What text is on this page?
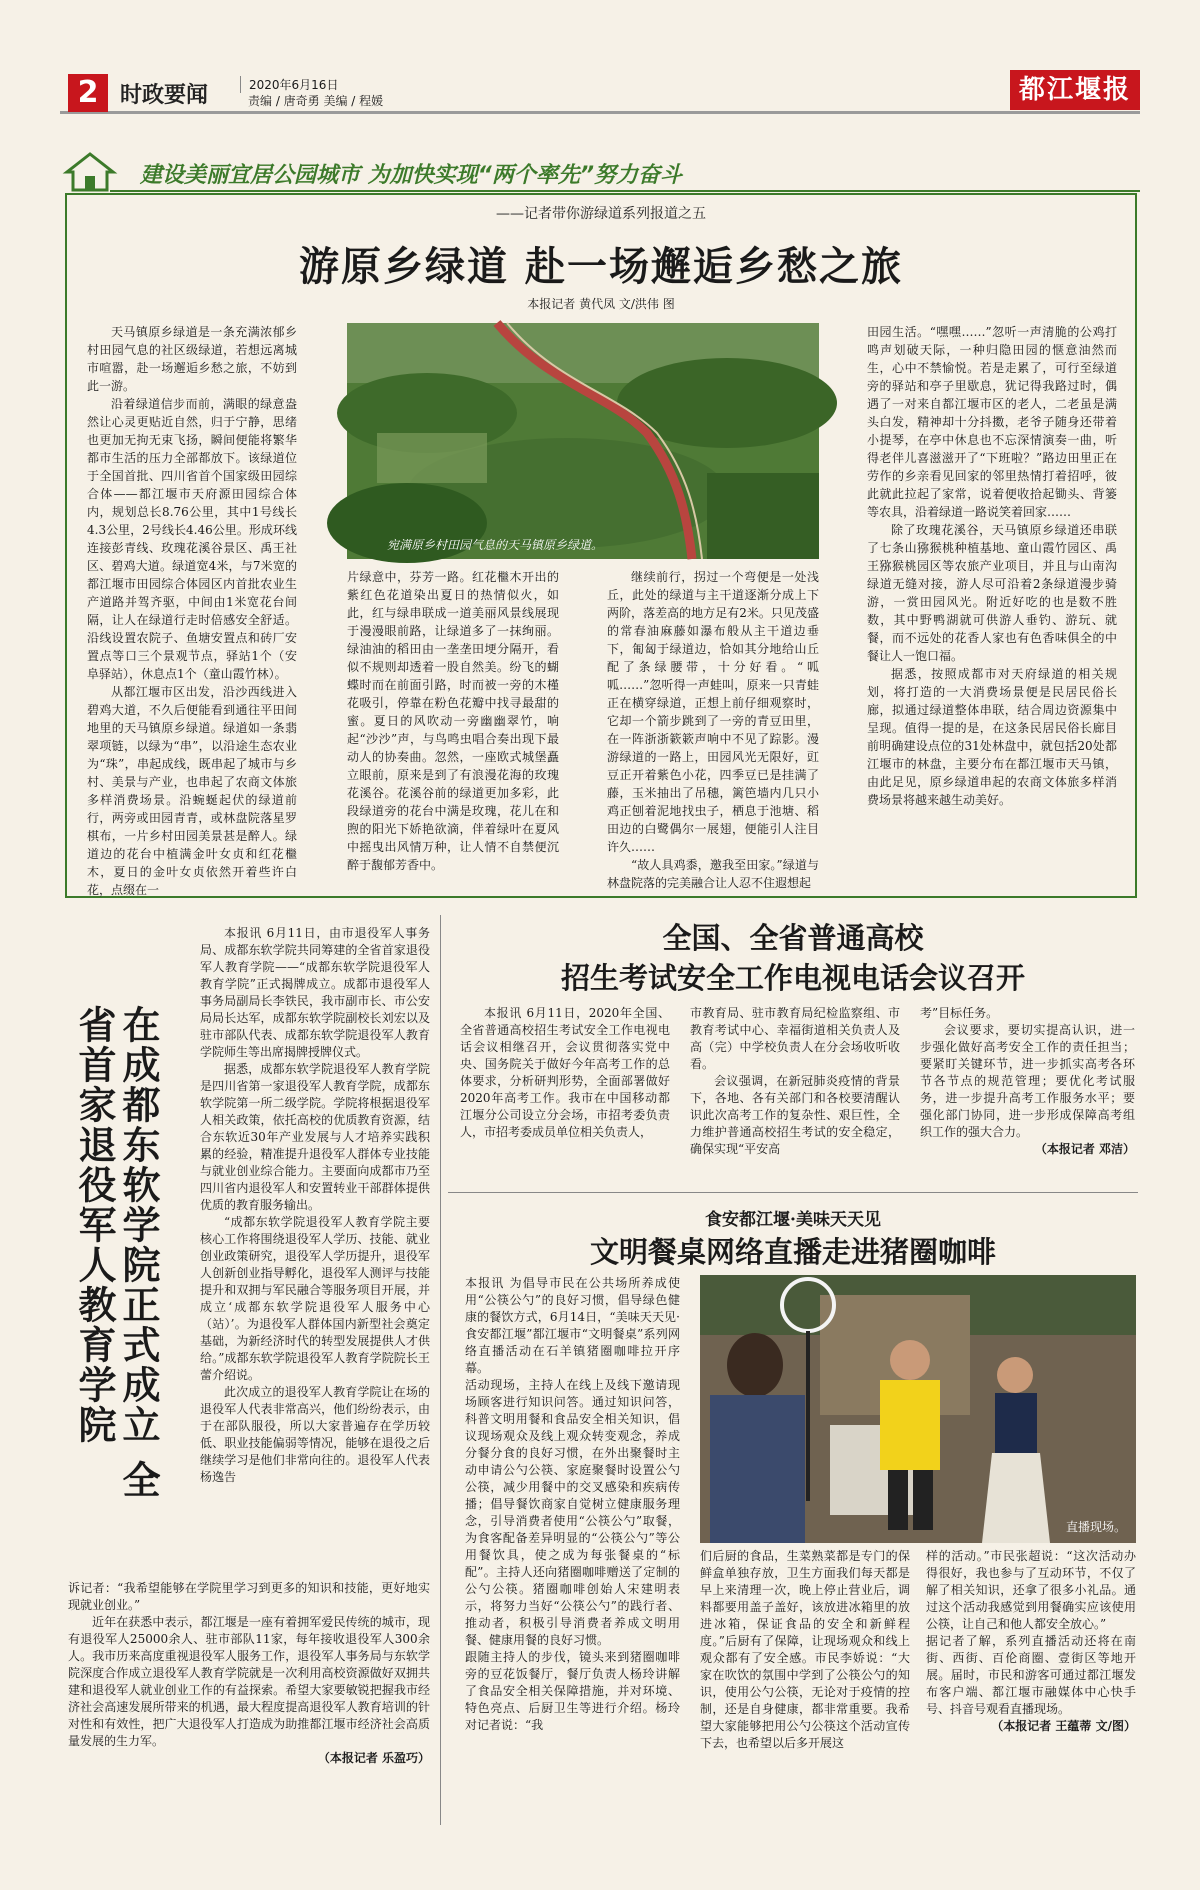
2 时政要闻	2020年6月16日
责编 / 唐奇勇 美编 / 程媛	都江堰报
建设美丽宜居公园城市 为加快实现“两个率先”努力奋斗
——记者带你游绿道系列报道之五
游原乡绿道 赴一场邂逅乡愁之旅
本报记者 黄代凤 文/洪伟 图

天马镇原乡绿道是一条充满浓郁乡村田园气息的社区级绿道，若想远离城市喧嚣，赴一场邂逅乡愁之旅，不妨到此一游。

沿着绿道信步而前，满眼的绿意盎然让心灵更贴近自然，归于宁静，思绪也更加无拘无束飞扬，瞬间便能将繁华都市生活的压力全部都放下。该绿道位于全国首批、四川省首个国家级田园综合体——都江堰市天府源田园综合体内，规划总长8.76公里，其中1号线长4.3公里，2号线长4.46公里。形成环线连接彭青线、玫瑰花溪谷景区、禹王社区、碧鸡大道。绿道宽4米，与7米宽的都江堰市田园综合体园区内首批农业生产道路并驾齐驱，中间由1米宽花台间隔，让人在绿道行走时倍感安全舒适。沿线设置农院子、鱼塘安置点和砖厂安置点等口三个景观节点，驿站1个（安阜驿站），休息点1个（童山霞竹林）。

从都江堰市区出发，沿沙西线进入碧鸡大道，不久后便能看到通往平田间地里的天马镇原乡绿道。绿道如一条翡翠项链，以绿为“串”，以沿途生态农业为“珠”，串起成线，既串起了城市与乡村、美景与产业，也串起了农商文体旅多样消费场景。沿蜿蜒起伏的绿道前行，两旁或田园青青，或林盘院落星罗棋布，一片乡村田园美景甚是醉人。绿道边的花台中植满金叶女贞和红花檵木，夏日的金叶女贞依然开着些许白花，点缀在一

宛满原乡村田园气息的天马镇原乡绿道。

片绿意中，芬芳一路。红花檵木开出的紫红色花道染出夏日的热情似火，如此，红与绿串联成一道美丽风景线展现于漫漫眼前路，让绿道多了一抹绚丽。绿油油的稻田由一垄垄田埂分隔开，看似不规则却透着一股自然美。纷飞的蝴蝶时而在前面引路，时而被一旁的木槿花吸引，停靠在粉色花瓣中找寻最甜的蜜。夏日的风吹动一旁幽幽翠竹，响起“沙沙”声，与鸟鸣虫唱合奏出现下最动人的协奏曲。忽然，一座欧式城堡矗立眼前，原来是到了有浪漫花海的玫瑰花溪谷。花溪谷前的绿道更加多彩，此段绿道旁的花台中满是玫瑰，花儿在和煦的阳光下娇艳欲滴，伴着绿叶在夏风中摇曳出风情万种，让人情不自禁便沉醉于馥郁芳香中。

继续前行，拐过一个弯便是一处浅丘，此处的绿道与主干道逐渐分成上下两阶，落差高的地方足有2米。只见茂盛的常春油麻藤如瀑布般从主干道边垂下，匍匐于绿道边，恰如其分地给山丘配了条绿腰带，十分好看。“呱呱……”忽听得一声蛙叫，原来一只青蛙正在横穿绿道，正想上前仔细观察时，它却一个箭步跳到了一旁的青豆田里，在一阵浙浙簌簌声响中不见了踪影。漫游绿道的一路上，田园风光无限好，豇豆正开着紫色小花，四季豆已是挂满了藤，玉米抽出了吊穗，篱笆墙内几只小鸡正刨着泥地找虫子，栖息于池塘、稻田边的白鹭偶尔一展翅，便能引人注目许久……

“故人具鸡黍，邀我至田家。”绿道与林盘院落的完美融合让人忍不住遐想起

田园生活。“嘿嘿……”忽听一声清脆的公鸡打鸣声划破天际，一种归隐田园的惬意油然而生，心中不禁愉悦。若是走累了，可行至绿道旁的驿站和亭子里歇息，犹记得我路过时，偶遇了一对来自都江堰市区的老人，二老虽是满头白发，精神却十分抖擞，老爷子随身还带着小提琴，在亭中休息也不忘深情演奏一曲，听得老伴儿喜滋滋开了“下班啦？”路边田里正在劳作的乡亲看见回家的邻里热情打着招呼，彼此就此拉起了家常，说着便收拾起锄头、背篓等农具，沿着绿道一路说笑着回家……

除了玫瑰花溪谷，天马镇原乡绿道还串联了七条山猕猴桃种植基地、童山霞竹园区、禹王猕猴桃园区等农旅产业项目，并且与山南沟绿道无缝对接，游人尽可沿着2条绿道漫步骑游，一赏田园风光。附近好吃的也是数不胜数，其中野鸭湖就可供游人垂钓、游玩、就餐，而不远处的花香人家也有色香味俱全的中餐让人一饱口福。

据悉，按照成都市对天府绿道的相关规划，将打造的一大消费场景便是民居民俗长廊，拟通过绿道整体串联，结合周边资源集中呈现。值得一提的是，在这条民居民俗长廊目前明确建设点位的31处林盘中，就包括20处都江堰市的林盘，主要分布在都江堰市天马镇，由此足见，原乡绿道串起的农商文体旅多样消费场景将越来越生动美好。

在成都东软学院正式成立 全省首家退役军人教育学院

本报讯 6月11日，由市退役军人事务局、成都东软学院共同筹建的全省首家退役军人教育学院——“成都东软学院退役军人教育学院”正式揭牌成立。成都市退役军人事务局副局长李铁民，我市副市长、市公安局局长达军，成都东软学院副校长刘宏以及驻市部队代表、成都东软学院退役军人教育学院师生等出席揭牌授牌仪式。

据悉，成都东软学院退役军人教育学院是四川省第一家退役军人教育学院，成都东软学院第一所二级学院。学院将根据退役军人相关政策，依托高校的优质教育资源，结合东软近30年产业发展与人才培养实践积累的经验，精准提升退役军人群体专业技能与就业创业综合能力。主要面向成都市乃至四川省内退役军人和安置转业干部群体提供优质的教育服务输出。

“成都东软学院退役军人教育学院主要核心工作将围绕退役军人学历、技能、就业创业政策研究，退役军人学历提升，退役军人创新创业指导孵化，退役军人测评与技能提升和双拥与军民融合等服务项目开展，并成立‘成都东软学院退役军人服务中心（站）’。为退役军人群体国内新型社会奠定基础，为新经济时代的转型发展提供人才供给。”成都东软学院退役军人教育学院院长王蕾介绍说。

此次成立的退役军人教育学院让在场的退役军人代表非常高兴，他们纷纷表示，由于在部队服役，所以大家普遍存在学历较低、职业技能偏弱等情况，能够在退役之后继续学习是他们非常向往的。退役军人代表杨逸告

诉记者：“我希望能够在学院里学习到更多的知识和技能，更好地实现就业创业。”

近年在获悉中表示，都江堰是一座有着拥军爱民传统的城市，现有退役军人25000余人、驻市部队11家，每年接收退役军人300余人。我市历来高度重视退役军人服务工作，退役军人事务局与东软学院深度合作成立退役军人教育学院就是一次利用高校资源做好双拥共建和退役军人就业创业工作的有益探索。希望大家要敏锐把握我市经济社会高速发展所带来的机遇，最大程度提高退役军人教育培训的针对性和有效性，把广大退役军人打造成为助推都江堰市经济社会高质量发展的生力军。

（本报记者 乐盈巧）
全国、全省普通高校
招生考试安全工作电视电话会议召开

本报讯 6月11日，2020年全国、全省普通高校招生考试安全工作电视电话会议相继召开，会议贯彻落实党中央、国务院关于做好今年高考工作的总体要求，分析研判形势，全面部署做好2020年高考工作。我市在中国移动都江堰分公司设立分会场，市招考委负责人，市招考委成员单位相关负责人，

市教育局、驻市教育局纪检监察组、市教育考试中心、幸福街道相关负责人及高（完）中学校负责人在分会场收听收看。

会议强调，在新冠肺炎疫情的背景下，各地、各有关部门和各校要清醒认识此次高考工作的复杂性、艰巨性，全力维护普通高校招生考试的安全稳定，确保实现“平安高

考”目标任务。

会议要求，要切实提高认识，进一步强化做好高考安全工作的责任担当；要紧盯关键环节，进一步抓实高考各环节各节点的规范管理；要优化考试服务，进一步提升高考工作服务水平；要强化部门协同，进一步形成保障高考组织工作的强大合力。

（本报记者 邓洁）
食安都江堰·美味天天见
文明餐桌网络直播走进猪圈咖啡

本报讯 为倡导市民在公共场所养成使用“公筷公勺”的良好习惯，倡导绿色健康的餐饮方式，6月14日，“美味天天见·食安都江堰”都江堰市“文明餐桌”系列网络直播活动在石羊镇猪圈咖啡拉开序幕。

活动现场，主持人在线上及线下邀请现场顾客进行知识问答。通过知识问答，科普文明用餐和食品安全相关知识，倡议现场观众及线上观众转变观念，养成分餐分食的良好习惯，在外出聚餐时主动申请公勺公筷、家庭聚餐时设置公勺公筷，减少用餐中的交叉感染和疾病传播；倡导餐饮商家自觉树立健康服务理念，引导消费者使用“公筷公勺”取餐，为食客配备差异明显的“公筷公勺”等公用餐饮具，使之成为每张餐桌的“标配”。主持人还向猪圈咖啡赠送了定制的公勺公筷。猪圈咖啡创始人宋建明表示，将努力当好“公筷公勺”的践行者、推动者，积极引导消费者养成文明用餐、健康用餐的良好习惯。

跟随主持人的步伐，镜头来到猪圈咖啡旁的豆花饭餐厅，餐厅负责人杨玲讲解了食品安全相关保障措施，并对环境、特色亮点、后厨卫生等进行介绍。杨玲对记者说：“我

直播现场。

们后厨的食品，生菜熟菜都是专门的保鲜盒单独存放，卫生方面我们每天都是早上来清理一次，晚上停止营业后，调料都要用盖子盖好，该放进冰箱里的放进冰箱，保证食品的安全和新鲜程度。”后厨有了保障，让现场观众和线上观众都有了安全感。市民李娇说：“大家在吹饮的氛围中学到了公筷公勺的知识，使用公勺公筷，无论对于疫情的控制，还是自身健康，都非常重要。我希望大家能够把用公勺公筷这个活动宣传下去，也希望以后多开展这

样的活动。”市民张超说：“这次活动办得很好，我也参与了互动环节，不仅了解了相关知识，还拿了很多小礼品。通过这个活动我感觉到用餐确实应该使用公筷，让自己和他人都安全放心。”

据记者了解，系列直播活动还将在南街、西街、百伦商圈、壹街区等地开展。届时，市民和游客可通过都江堰发布客户端、都江堰市融媒体中心快手号、抖音号观看直播现场。

（本报记者 王蕴蒂 文/图）
